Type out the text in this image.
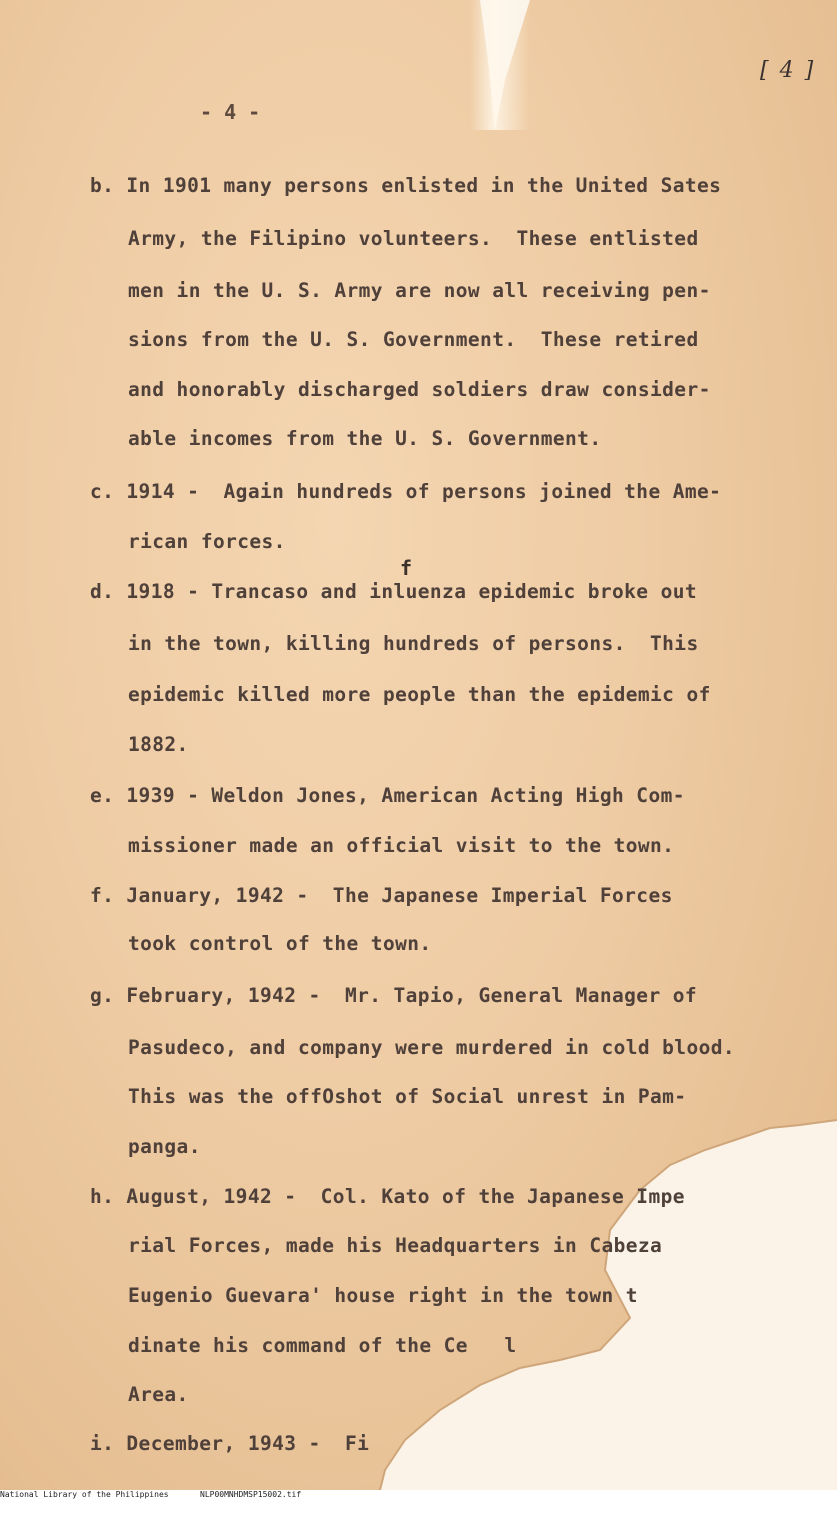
[ 4 ]
- 4 -
b. In 1901 many persons enlisted in the United Sates
Army, the Filipino volunteers.  These entlisted
men in the U. S. Army are now all receiving pen-
sions from the U. S. Government.  These retired
and honorably discharged soldiers draw consider-
able incomes from the U. S. Government.
c. 1914 -  Again hundreds of persons joined the Ame-
rican forces.
f
d. 1918 - Trancaso and inluenza epidemic broke out
in the town, killing hundreds of persons.  This
epidemic killed more people than the epidemic of
1882.
e. 1939 - Weldon Jones, American Acting High Com-
missioner made an official visit to the town.
f. January, 1942 -  The Japanese Imperial Forces
took control of the town.
g. February, 1942 -  Mr. Tapio, General Manager of
Pasudeco, and company were murdered in cold blood.
This was the offOshot of Social unrest in Pam-
panga.
h. August, 1942 -  Col. Kato of the Japanese Impe
rial Forces, made his Headquarters in Cabeza
Eugenio Guevara' house right in the town t
dinate his command of the Ce   l
Area.
i. December, 1943 -  Fi

National Library of the Philippines

	NLP00MNHDMSP15002.tif
